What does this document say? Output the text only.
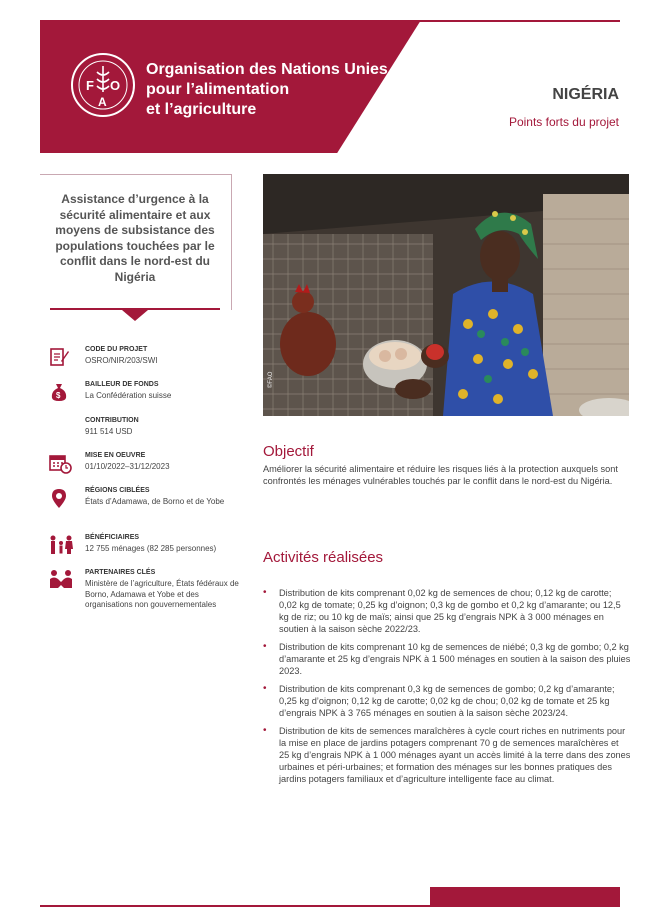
F
A
O
Organisation des Nations Unies
pour l’alimentation
et l’agriculture
NIGÉRIA
Points forts du projet
Assistance d’urgence à la sécurité alimentaire et aux moyens de subsistance des populations touchées par le conflit dans le nord-est du Nigéria
CODE DU PROJET
OSRO/NIR/203/SWI
$
BAILLEUR DE FONDS
La Confédération suisse
CONTRIBUTION
911 514 USD
MISE EN OEUVRE
01/10/2022–31/12/2023
RÉGIONS CIBLÉES
États d’Adamawa, de Borno et de Yobe
BÉNÉFICIAIRES
12 755 ménages (82 285 personnes)
PARTENAIRES CLÉS
Ministère de l’agriculture, États fédéraux de Borno, Adamawa et Yobe et des organisations non gouvernementales
©FAO
Objectif
Améliorer la sécurité alimentaire et réduire les risques liés à la protection auxquels sont confrontés les ménages vulnérables touchés par le conflit dans le nord-est du Nigéria.
Activités réalisées
• Distribution de kits comprenant 0,02 kg de semences de chou; 0,12 kg de carotte; 0,02 kg de tomate; 0,25 kg d’oignon; 0,3 kg de gombo et 0,2 kg d’amarante; ou 12,5 kg de riz; ou 10 kg de maïs; ainsi que 25 kg d’engrais NPK à 3 000 ménages en soutien à la saison sèche 2022/23.
• Distribution de kits comprenant 10 kg de semences de niébé; 0,3 kg de gombo; 0,2 kg d’amarante et 25 kg d’engrais NPK à 1 500 ménages en soutien à la saison des pluies 2023.
• Distribution de kits comprenant 0,3 kg de semences de gombo; 0,2 kg d’amarante; 0,25 kg d’oignon; 0,12 kg de carotte; 0,02 kg de chou; 0,02 kg de tomate et 25 kg d’engrais NPK à 3 765 ménages en soutien à la saison sèche 2023/24.
• Distribution de kits de semences maraîchères à cycle court riches en nutriments pour la mise en place de jardins potagers comprenant 70 g de semences maraîchères et 25 kg d’engrais NPK à 1 000 ménages ayant un accès limité à la terre dans des zones urbaines et péri-urbaines; et formation des ménages sur les bonnes pratiques des jardins potagers familiaux et d’agriculture intelligente face au climat.
